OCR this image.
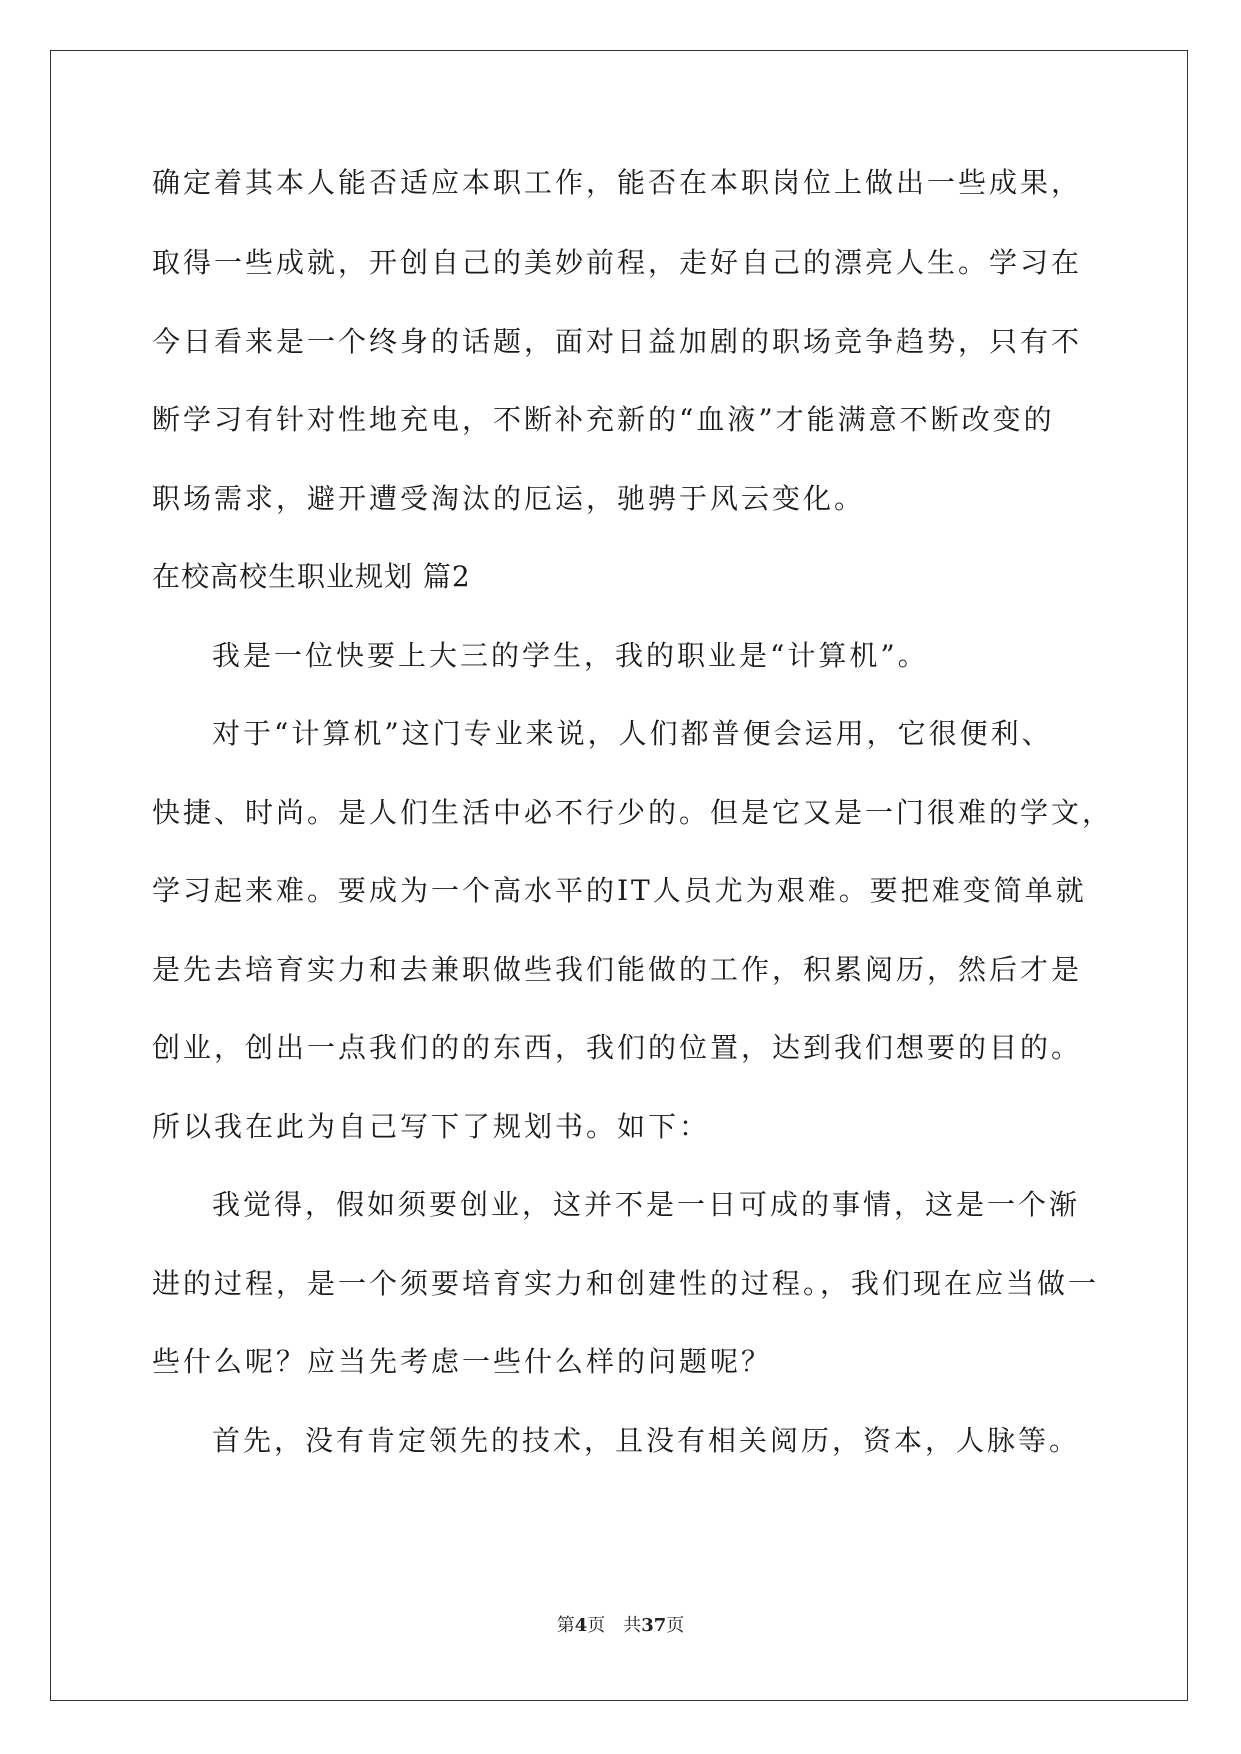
确定着其本人能否适应本职工作，能否在本职岗位上做出一些成果，
取得一些成就，开创自己的美妙前程，走好自己的漂亮人生。学习在
今日看来是一个终身的话题，面对日益加剧的职场竞争趋势，只有不
断学习有针对性地充电，不断补充新的“血液”才能满意不断改变的
职场需求，避开遭受淘汰的厄运，驰骋于风云变化。
在校高校生职业规划 篇2
我是一位快要上大三的学生，我的职业是“计算机”。
对于“计算机”这门专业来说，人们都普便会运用，它很便利、
快捷、时尚。是人们生活中必不行少的。但是它又是一门很难的学文，
学习起来难。要成为一个高水平的IT人员尤为艰难。要把难变简单就
是先去培育实力和去兼职做些我们能做的工作，积累阅历，然后才是
创业，创出一点我们的的东西，我们的位置，达到我们想要的目的。
所以我在此为自己写下了规划书。如下：
我觉得，假如须要创业，这并不是一日可成的事情，这是一个渐
进的过程，是一个须要培育实力和创建性的过程。，我们现在应当做一
些什么呢？应当先考虑一些什么样的问题呢？
首先，没有肯定领先的技术，且没有相关阅历，资本，人脉等。
第4页 共37页
